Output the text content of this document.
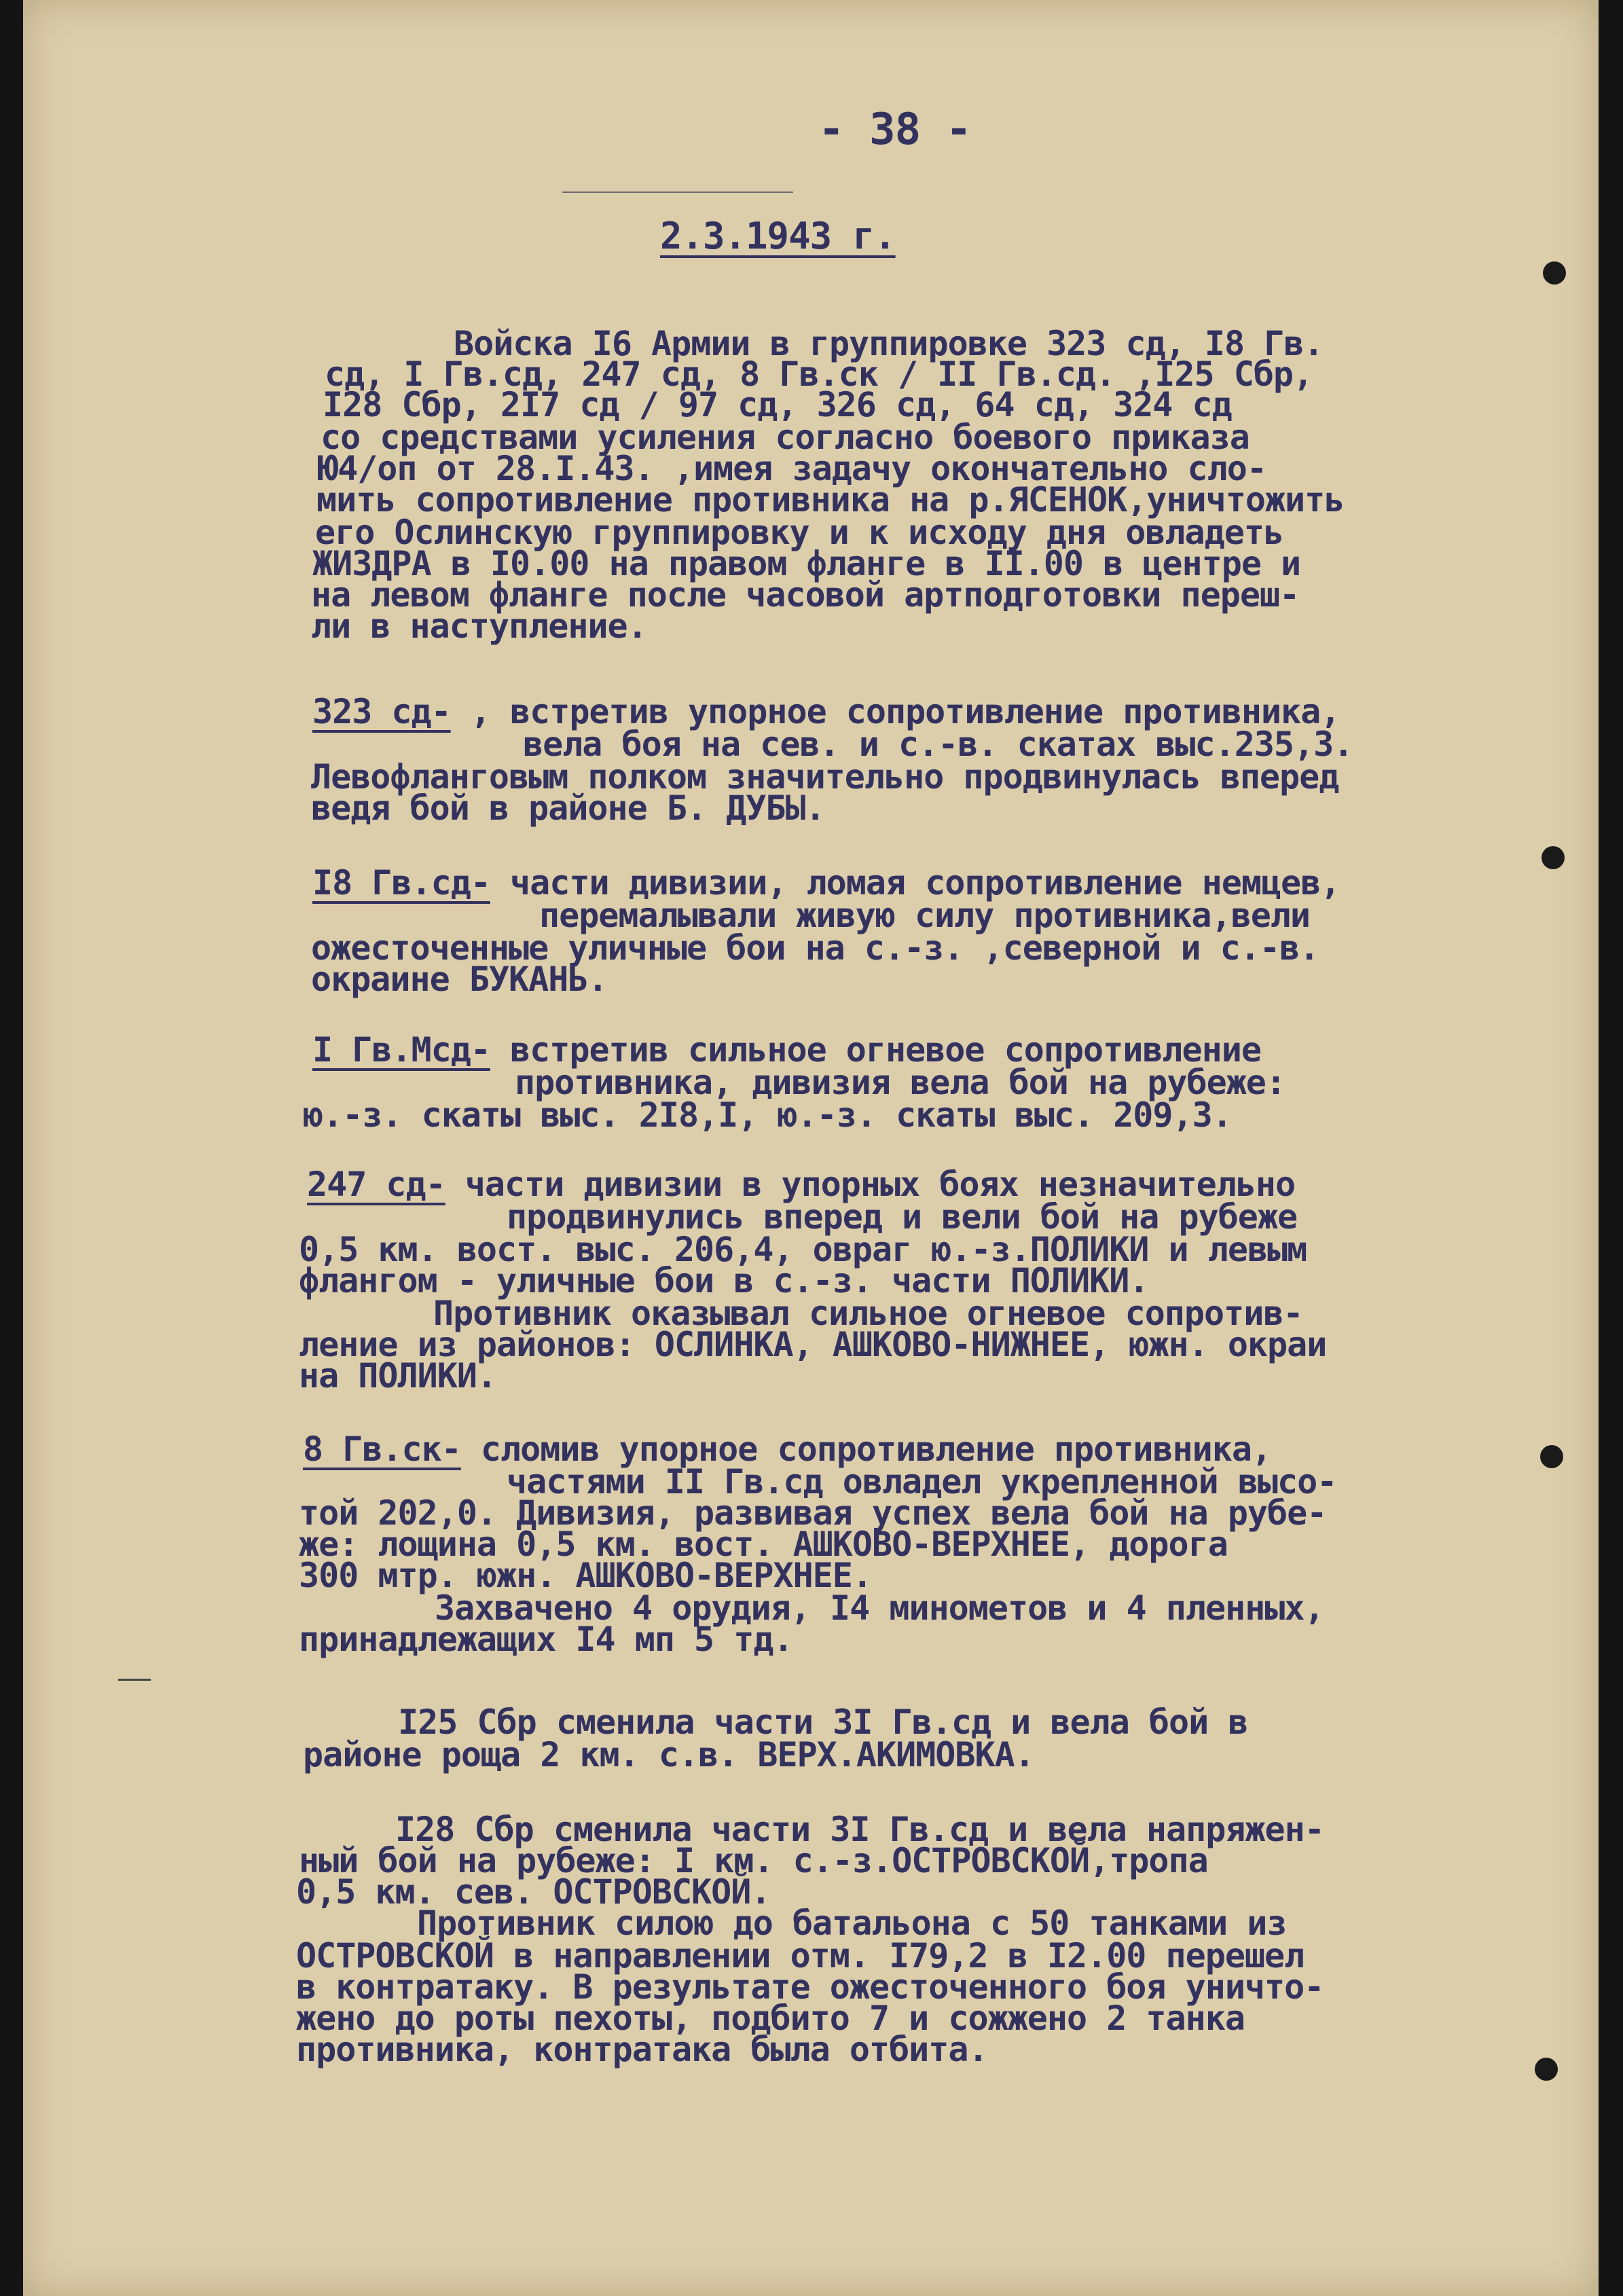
- 38 -
2.3.1943 г.
Войска I6 Армии в группировке 323 сд, I8 Гв.
сд, I Гв.сд, 247 сд, 8 Гв.ск / II Гв.сд. ,I25 Сбр,
I28 Сбр, 2I7 сд / 97 сд, 326 сд, 64 сд, 324 сд
со средствами усиления согласно боевого приказа
Ю4/оп от 28.I.43. ,имея задачу окончательно сло-
мить сопротивление противника на р.ЯСЕНОК,уничтожить
его Ослинскую группировку и к исходу дня овладеть
ЖИЗДРА в I0.00 на правом фланге в II.00 в центре и
на левом фланге после часовой артподготовки переш-
ли в наступление.
323 сд- , встретив упорное сопротивление противника,
вела боя на сев. и с.-в. скатах выс.235,3.
Левофланговым полком значительно продвинулась вперед
ведя бой в районе Б. ДУБЫ.
I8 Гв.сд- части дивизии, ломая сопротивление немцев,
перемалывали живую силу противника,вели
ожесточенные уличные бои на с.-з. ,северной и с.-в.
окраине БУКАНЬ.
I Гв.Мсд- встретив сильное огневое сопротивление
противника, дивизия вела бой на рубеже:
ю.-з. скаты выс. 2I8,I, ю.-з. скаты выс. 209,3.
247 сд- части дивизии в упорных боях незначительно
продвинулись вперед и вели бой на рубеже
0,5 км. вост. выс. 206,4, овраг ю.-з.ПОЛИКИ и левым
флангом - уличные бои в с.-з. части ПОЛИКИ.
Противник оказывал сильное огневое сопротив-
ление из районов: ОСЛИНКА, АШКОВО-НИЖНЕЕ, южн. окраи
на ПОЛИКИ.
8 Гв.ск- сломив упорное сопротивление противника,
частями II Гв.сд овладел укрепленной высо-
той 202,0. Дивизия, развивая успех вела бой на рубе-
же: лощина 0,5 км. вост. АШКОВО-ВЕРХНЕЕ, дорога
300 мтр. южн. АШКОВО-ВЕРХНЕЕ.
Захвачено 4 орудия, I4 минометов и 4 пленных,
принадлежащих I4 мп 5 тд.
I25 Сбр сменила части 3I Гв.сд и вела бой в
районе роща 2 км. с.в. ВЕРХ.АКИМОВКА.
I28 Сбр сменила части 3I Гв.сд и вела напряжен-
ный бой на рубеже: I км. с.-з.ОСТРОВСКОЙ,тропа
0,5 км. сев. ОСТРОВСКОЙ.
Противник силою до батальона с 50 танками из
ОСТРОВСКОЙ в направлении отм. I79,2 в I2.00 перешел
в контратаку. В результате ожесточенного боя уничто-
жено до роты пехоты, подбито 7 и сожжено 2 танка
противника, контратака была отбита.
